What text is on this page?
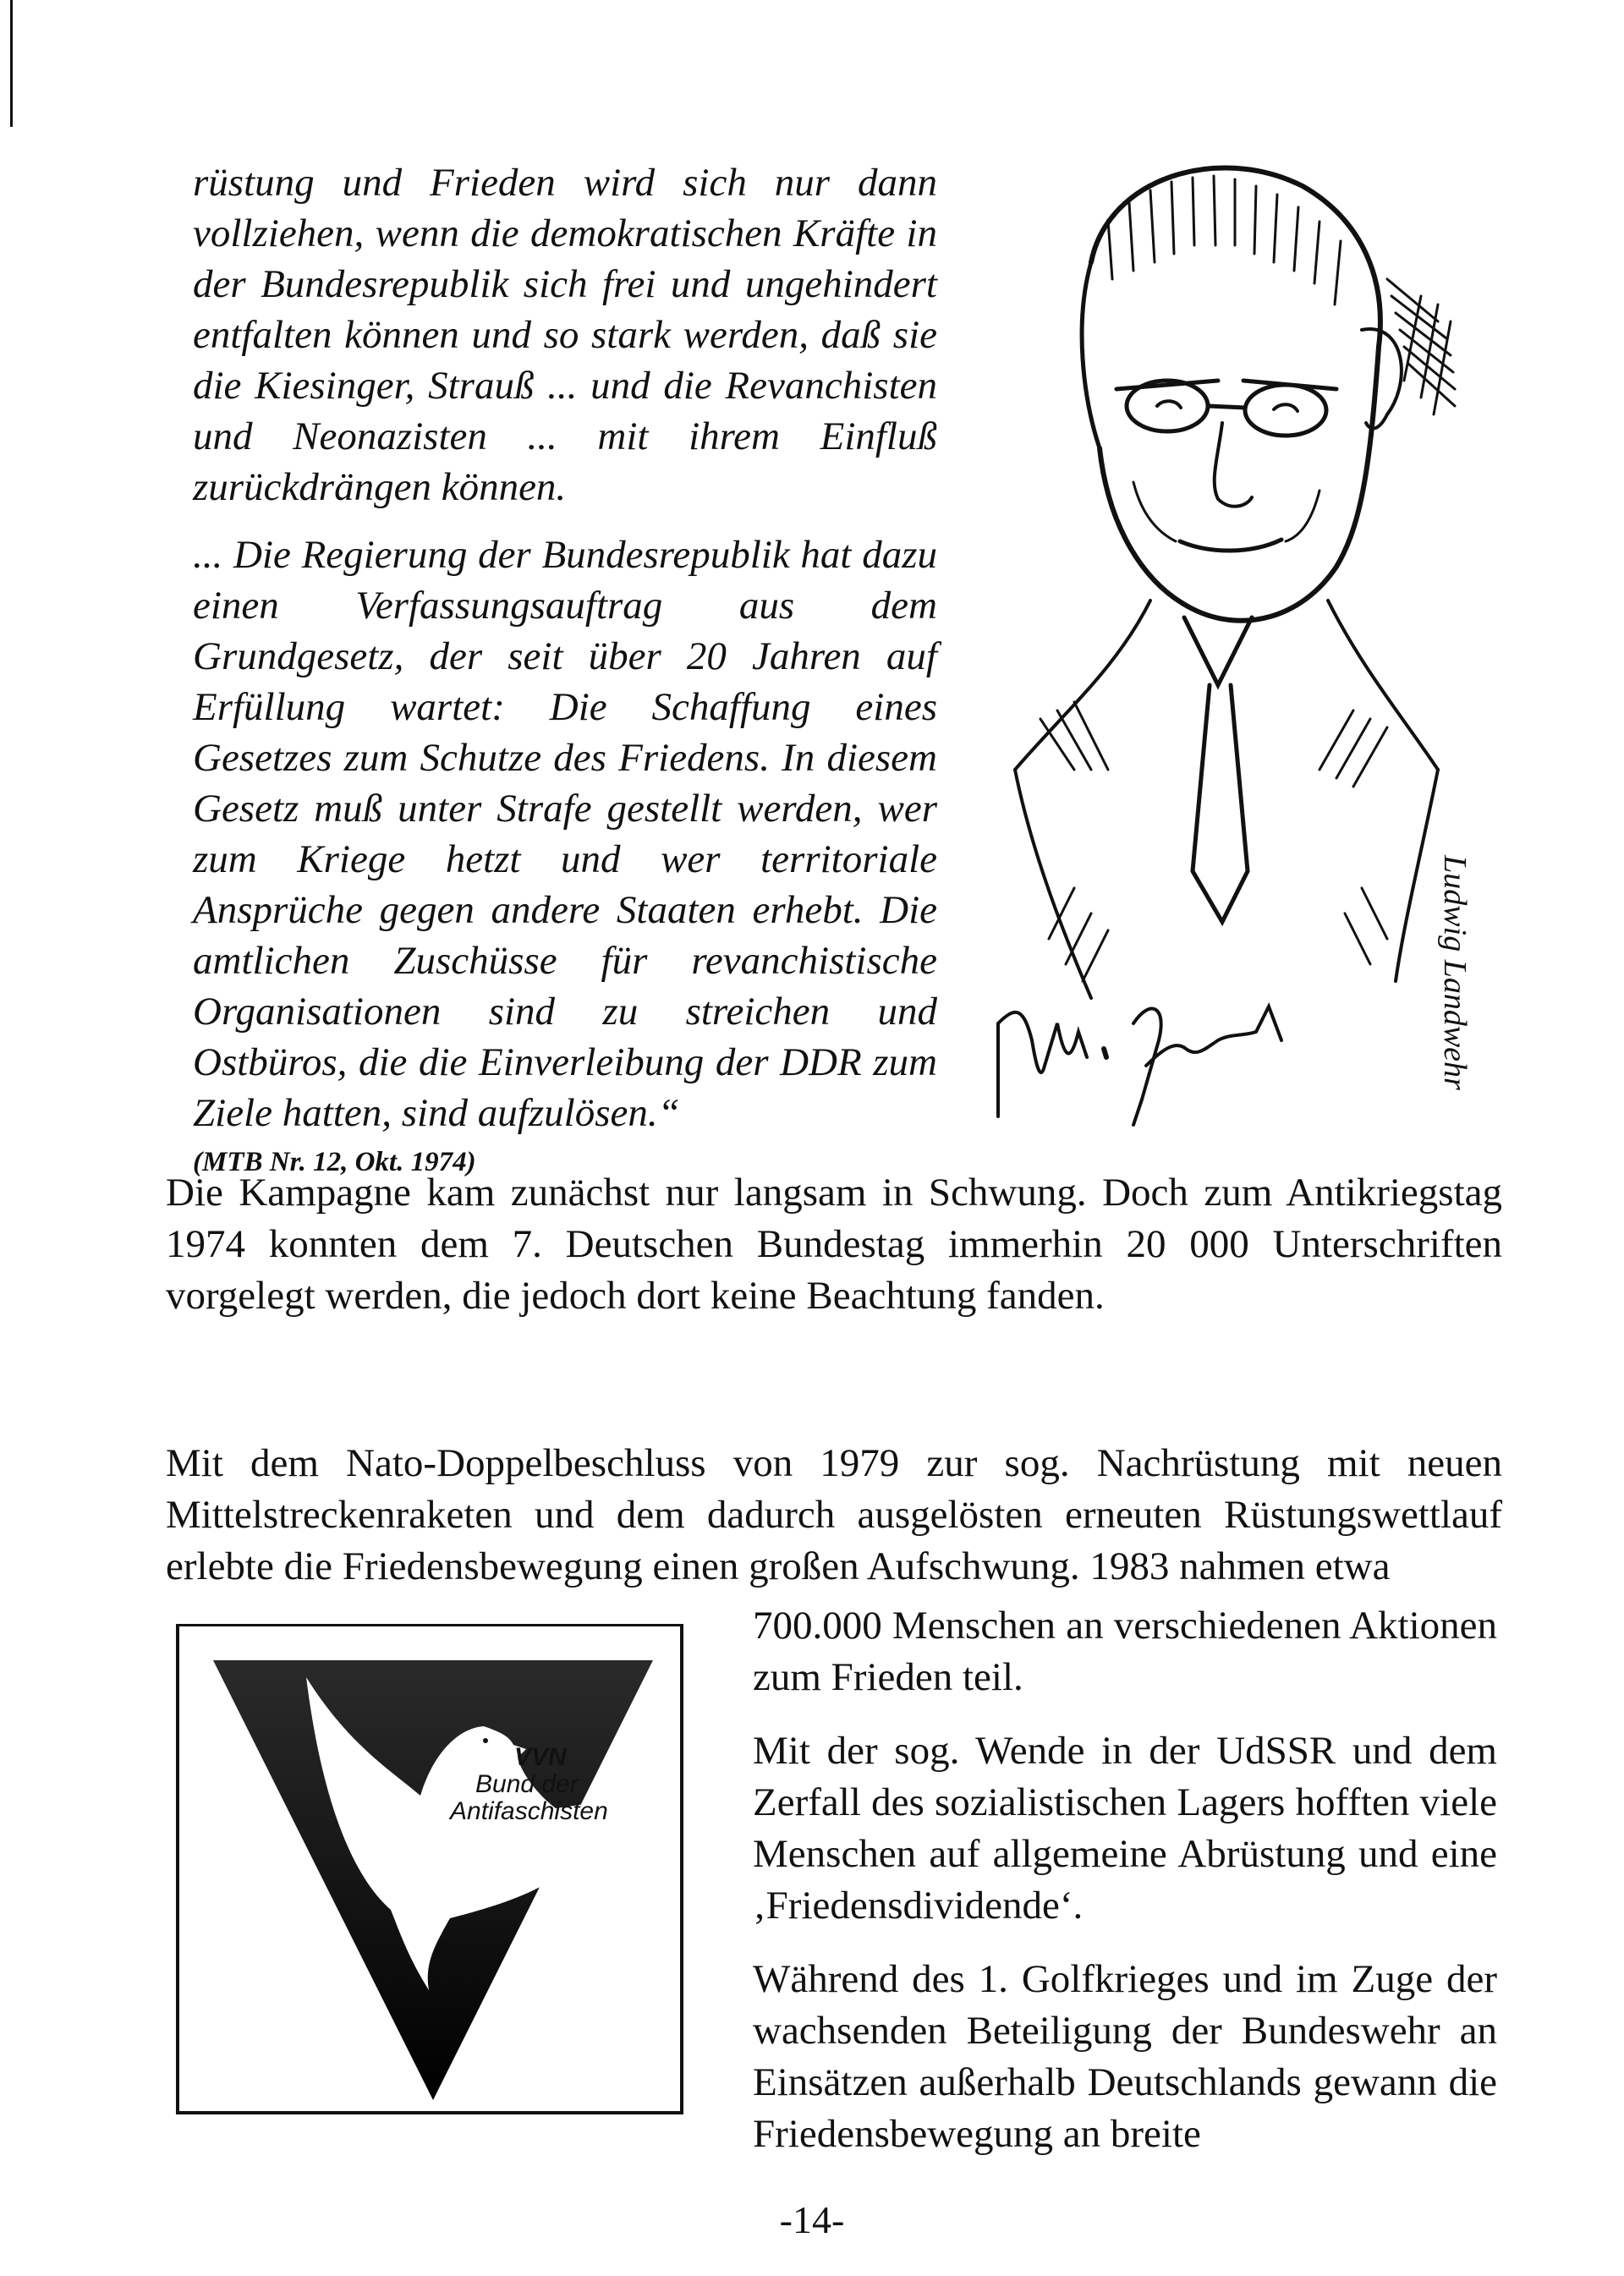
rüstung und Frieden wird sich nur dann vollziehen, wenn die demokratischen Kräfte in der Bundesrepublik sich frei und ungehindert entfalten können und so stark werden, daß sie die Kiesinger, Strauß ... und die Revanchisten und Neonazisten ... mit ihrem Einfluß zurückdrängen können.

... Die Regierung der Bundesrepublik hat dazu einen Verfassungsauftrag aus dem Grundgesetz, der seit über 20 Jahren auf Erfüllung wartet: Die Schaffung eines Gesetzes zum Schutze des Friedens. In diesem Gesetz muß unter Strafe gestellt werden, wer zum Kriege hetzt und wer territoriale Ansprüche gegen andere Staaten erhebt. Die amtlichen Zuschüsse für revanchistische Organisationen sind zu streichen und Ostbüros, die die Einverleibung der DDR zum Ziele hatten, sind aufzulösen.“

(MTB Nr. 12, Okt. 1974)

Ludwig Landwehr

Die Kampagne kam zunächst nur langsam in Schwung. Doch zum Antikriegstag 1974 konnten dem 7. Deutschen Bundestag immerhin 20 000 Unterschriften vorgelegt werden, die jedoch dort keine Beachtung fanden.

Mit dem Nato-Doppelbeschluss von 1979 zur sog. Nachrüstung mit neuen Mittelstreckenraketen und dem dadurch ausgelösten erneuten Rüstungswettlauf erlebte die Friedensbewegung einen großen Aufschwung. 1983 nahmen etwa

VVN
Bund der
Antifaschisten

700.000 Menschen an verschiedenen Aktionen zum Frieden teil.

Mit der sog. Wende in der UdSSR und dem Zerfall des sozialistischen Lagers hofften viele Menschen auf allgemeine Abrüstung und eine ‚Friedensdividende‘.

Während des 1. Golfkrieges und im Zuge der wachsenden Beteiligung der Bundeswehr an Einsätzen außerhalb Deutschlands gewann die Friedensbewegung an breite

-14-
